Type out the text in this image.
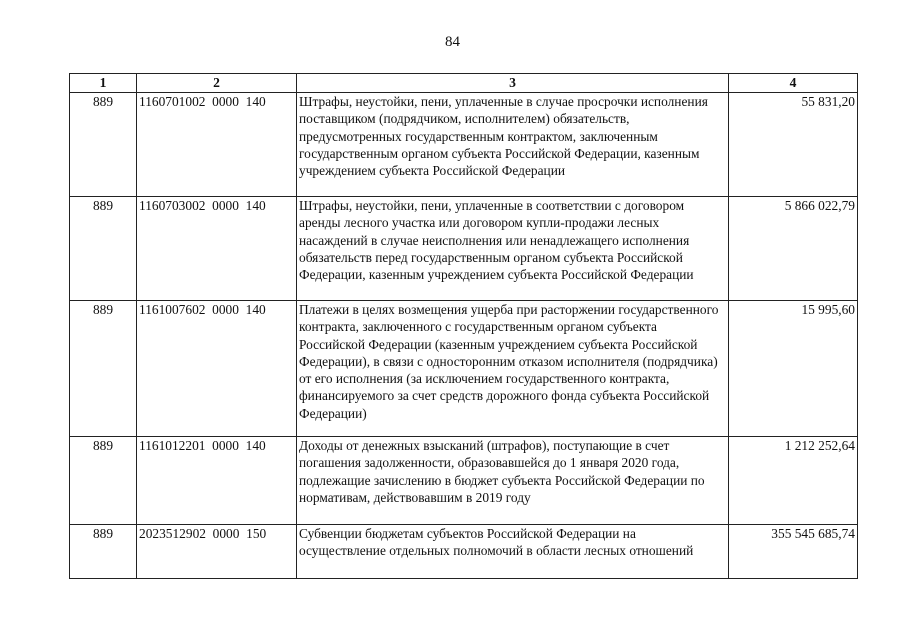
84
1	2	3	4
889	1160701002  0000  140	Штрафы, неустойки, пени, уплаченные в случае просрочки исполнения поставщиком (подрядчиком, исполнителем) обязательств, предусмотренных государственным контрактом, заключенным государственным органом субъекта Российской Федерации, казенным учреждением субъекта Российской Федерации	55 831,20
889	1160703002  0000  140	Штрафы, неустойки, пени, уплаченные в соответствии с договором аренды лесного участка или договором купли-продажи лесных насаждений в случае неисполнения или ненадлежащего исполнения обязательств перед государственным органом субъекта Российской Федерации, казенным учреждением субъекта Российской Федерации	5 866 022,79
889	1161007602  0000  140	Платежи в целях возмещения ущерба при расторжении государственного контракта, заключенного с государственным органом субъекта Российской Федерации (казенным учреждением субъекта Российской Федерации), в связи с односторонним отказом исполнителя (подрядчика) от его исполнения (за исключением государственного контракта, финансируемого за счет средств дорожного фонда субъекта Российской Федерации)	15 995,60
889	1161012201  0000  140	Доходы от денежных взысканий (штрафов), поступающие в счет погашения задолженности, образовавшейся до 1 января 2020 года, подлежащие зачислению в бюджет субъекта Российской Федерации по нормативам, действовавшим в 2019 году	1 212 252,64
889	2023512902  0000  150	Субвенции бюджетам субъектов Российской Федерации на осуществление отдельных полномочий в области лесных отношений	355 545 685,74
